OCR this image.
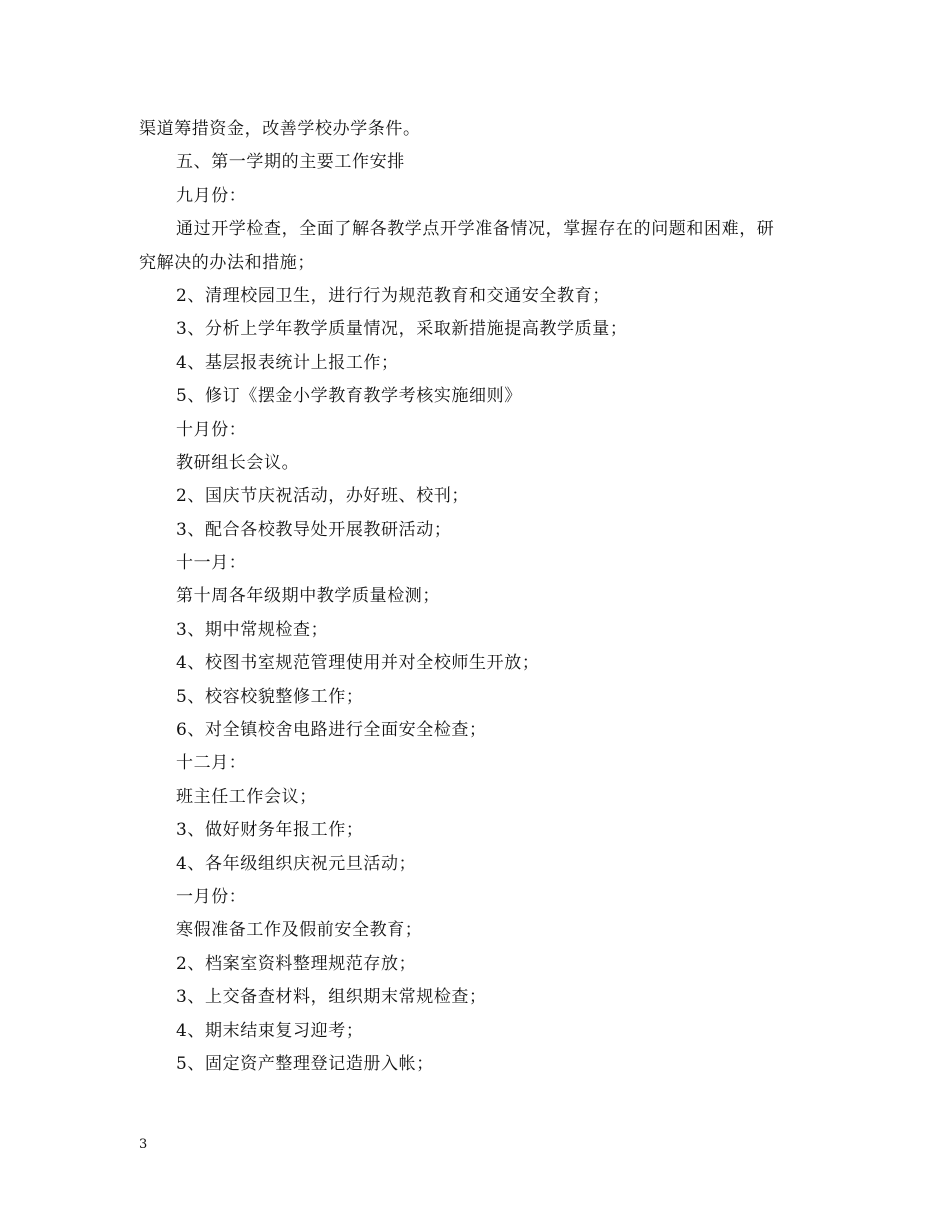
渠道筹措资金，改善学校办学条件。
五、第一学期的主要工作安排
九月份：
通过开学检查，全面了解各教学点开学准备情况，掌握存在的问题和困难，研
究解决的办法和措施；
2、清理校园卫生，进行行为规范教育和交通安全教育；
3、分析上学年教学质量情况，采取新措施提高教学质量；
4、基层报表统计上报工作；
5、修订《摆金小学教育教学考核实施细则》
十月份：
教研组长会议。
2、国庆节庆祝活动，办好班、校刊；
3、配合各校教导处开展教研活动；
十一月：
第十周各年级期中教学质量检测；
3、期中常规检查；
4、校图书室规范管理使用并对全校师生开放；
5、校容校貌整修工作；
6、对全镇校舍电路进行全面安全检查；
十二月：
班主任工作会议；
3、做好财务年报工作；
4、各年级组织庆祝元旦活动；
一月份：
寒假准备工作及假前安全教育；
2、档案室资料整理规范存放；
3、上交备查材料，组织期末常规检查；
4、期末结束复习迎考；
5、固定资产整理登记造册入帐；
3
